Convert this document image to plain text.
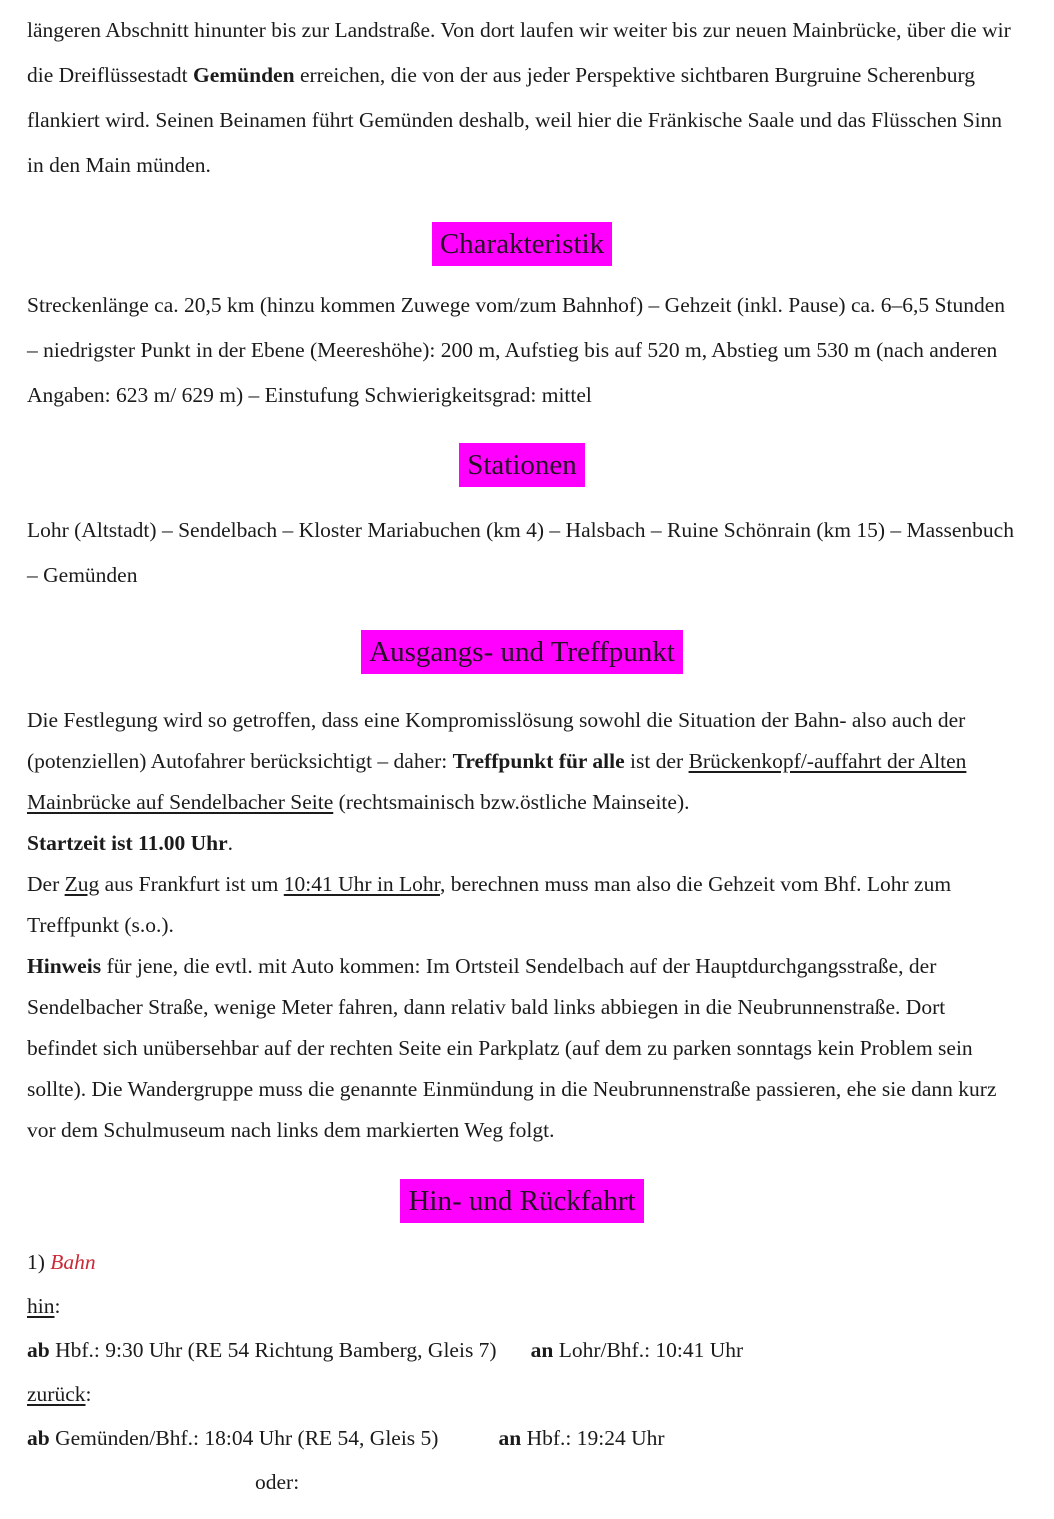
längeren Abschnitt hinunter bis zur Landstraße. Von dort laufen wir weiter bis zur neuen Mainbrücke, über die wir die Dreiflüssestadt Gemünden erreichen, die von der aus jeder Perspektive sichtbaren Burgruine Scherenburg flankiert wird. Seinen Beinamen führt Gemünden deshalb, weil hier die Fränkische Saale und das Flüsschen Sinn in den Main münden.

Charakteristik

Streckenlänge ca. 20,5 km (hinzu kommen Zuwege vom/zum Bahnhof) – Gehzeit (inkl. Pause) ca. 6–6,5 Stunden – niedrigster Punkt in der Ebene (Meereshöhe): 200 m, Aufstieg bis auf 520 m, Abstieg um 530 m (nach anderen Angaben: 623 m/ 629 m) – Einstufung Schwierigkeitsgrad: mittel

Stationen

Lohr (Altstadt) – Sendelbach – Kloster Mariabuchen (km 4) – Halsbach – Ruine Schönrain (km 15) – Massenbuch – Gemünden

Ausgangs- und Treffpunkt

Die Festlegung wird so getroffen, dass eine Kompromisslösung sowohl die Situation der Bahn- also auch der (potenziellen) Autofahrer berücksichtigt – daher: Treffpunkt für alle ist der Brückenkopf/-auffahrt der Alten Mainbrücke auf Sendelbacher Seite (rechtsmainisch bzw.östliche Mainseite).

Startzeit ist 11.00 Uhr.

Der Zug aus Frankfurt ist um 10:41 Uhr in Lohr, berechnen muss man also die Gehzeit vom Bhf. Lohr zum Treffpunkt (s.o.).

Hinweis für jene, die evtl. mit Auto kommen: Im Ortsteil Sendelbach auf der Hauptdurchgangsstraße, der Sendelbacher Straße, wenige Meter fahren, dann relativ bald links abbiegen in die Neubrunnenstraße. Dort befindet sich unübersehbar auf der rechten Seite ein Parkplatz (auf dem zu parken sonntags kein Problem sein sollte). Die Wandergruppe muss die genannte Einmündung in die Neubrunnenstraße passieren, ehe sie dann kurz vor dem Schulmuseum nach links dem markierten Weg folgt.

Hin- und Rückfahrt

1) Bahn

hin:

ab Hbf.: 9:30 Uhr (RE 54 Richtung Bamberg, Gleis 7) an Lohr/Bhf.: 10:41 Uhr

zurück:

ab Gemünden/Bhf.: 18:04 Uhr (RE 54, Gleis 5)	an Hbf.: 19:24 Uhr

oder:
